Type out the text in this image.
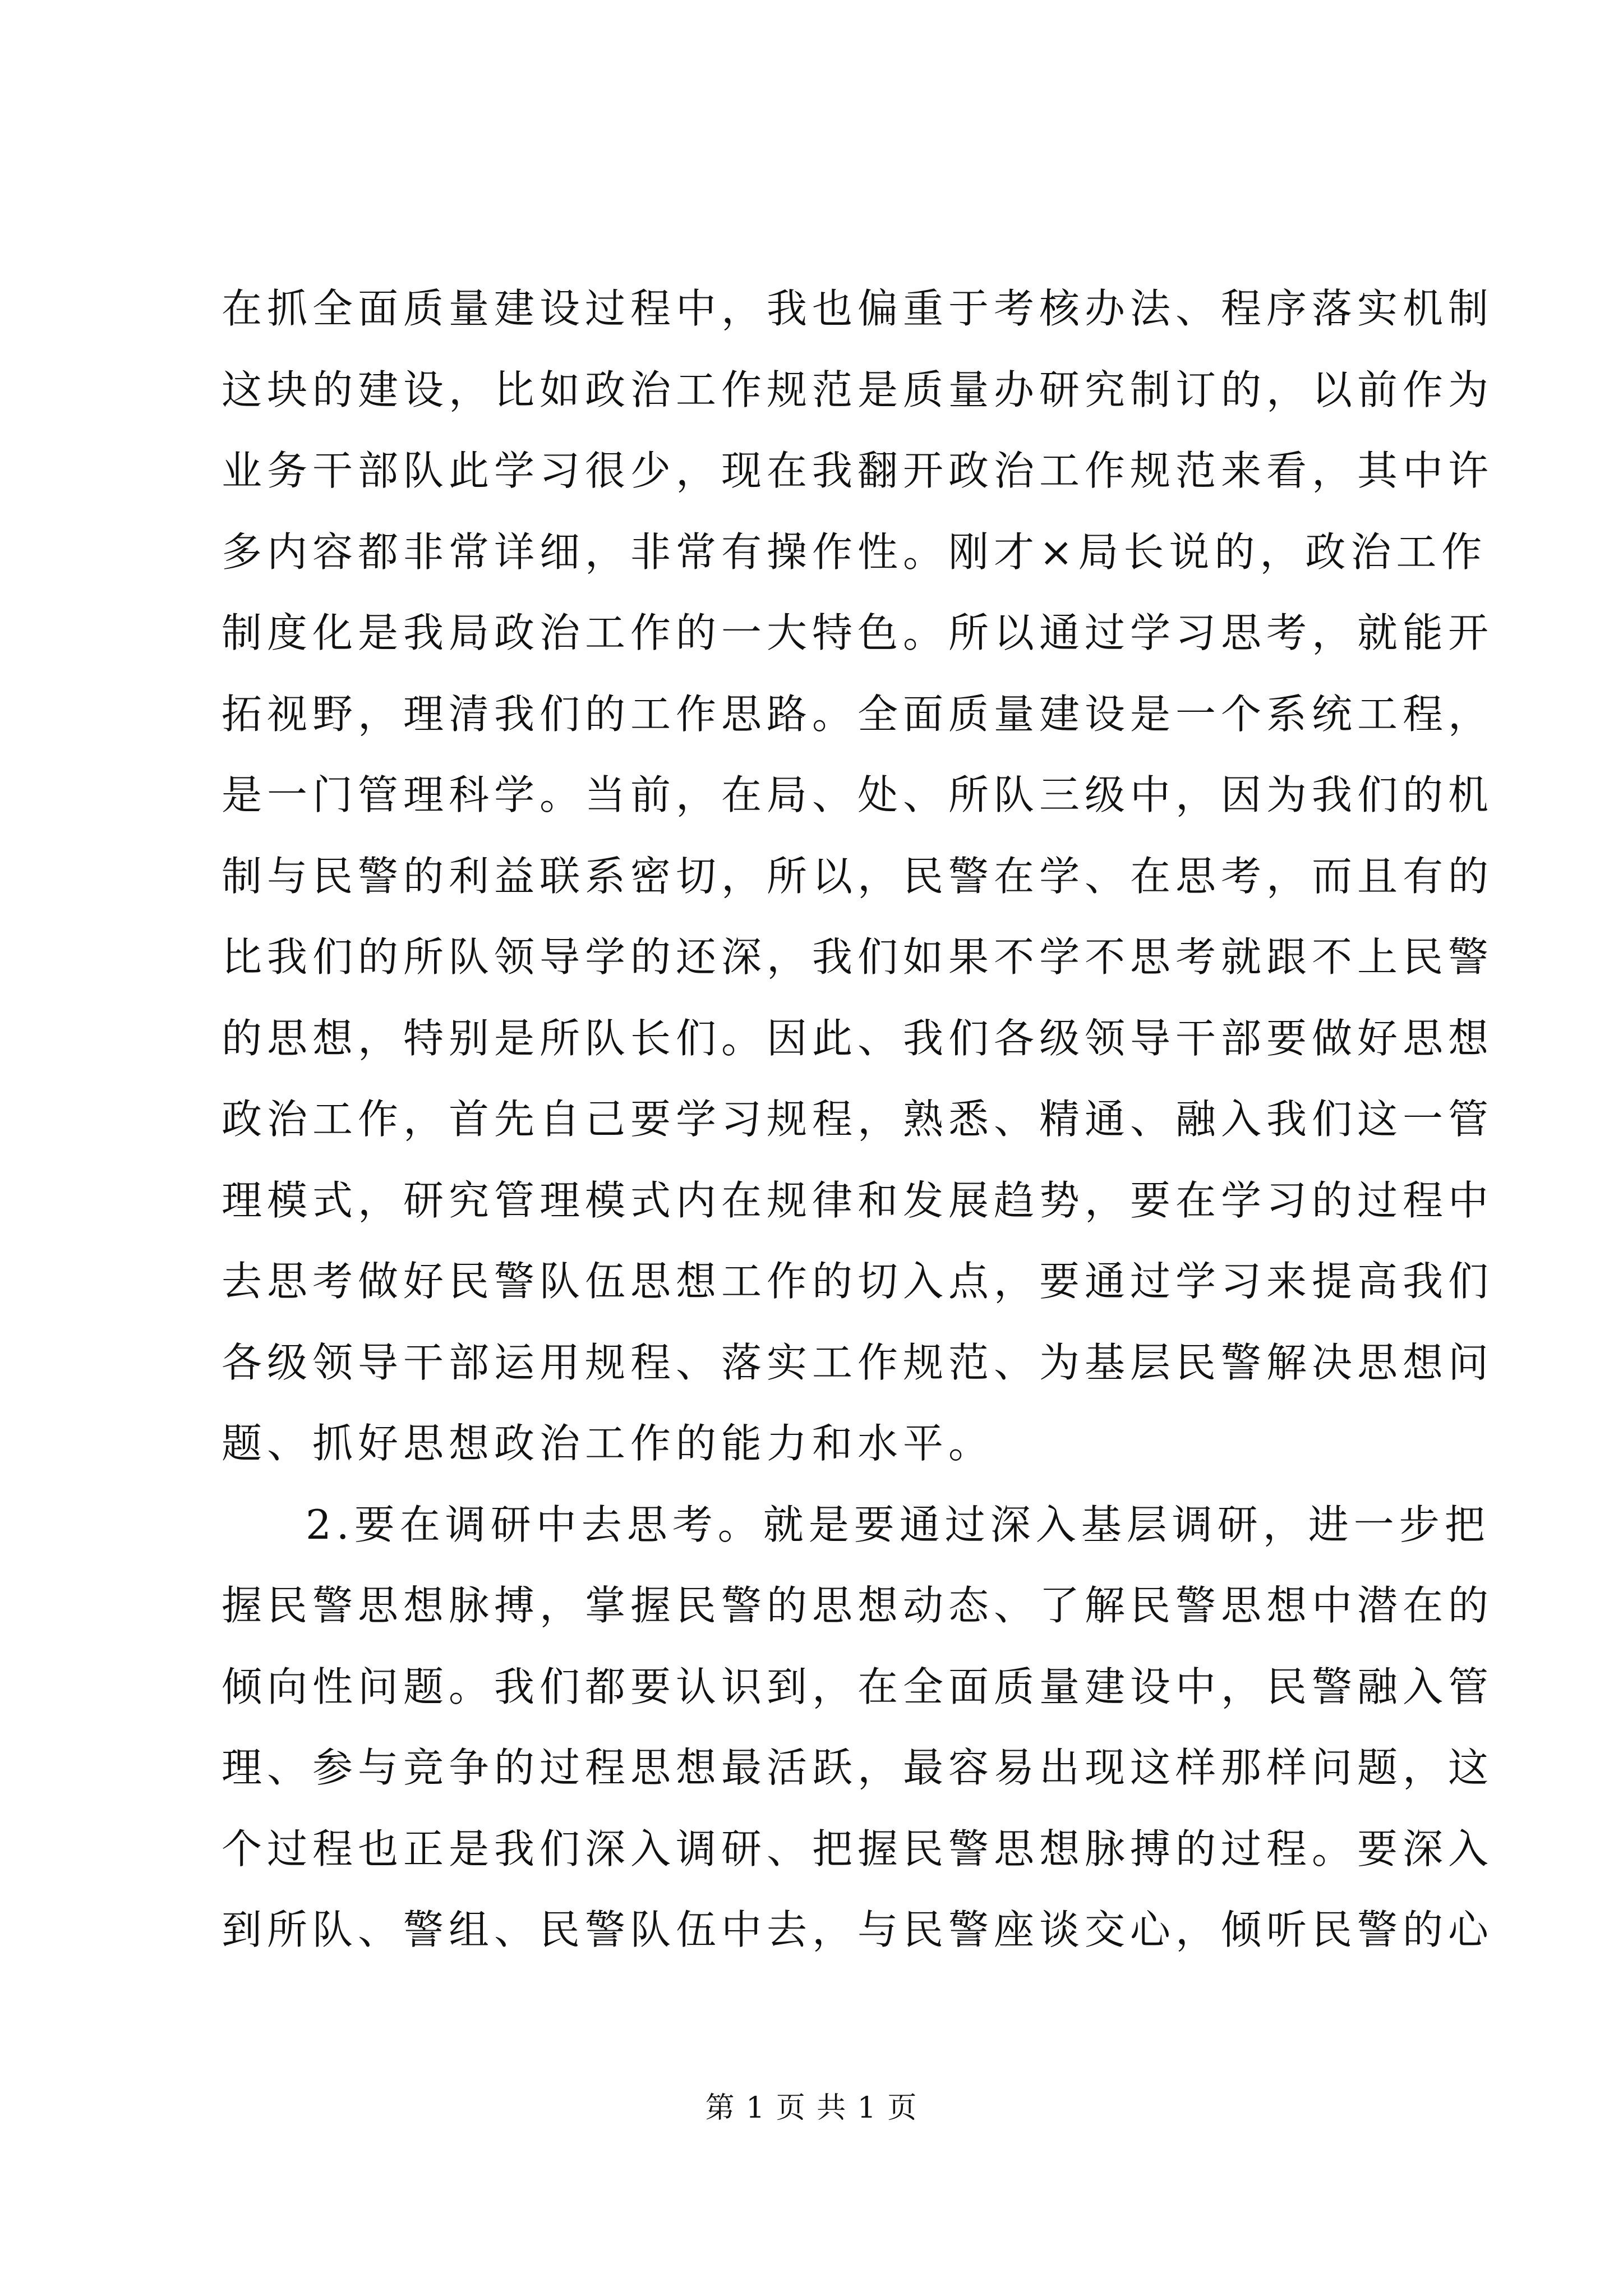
在抓全面质量建设过程中，我也偏重于考核办法、程序落实机制
这块的建设，比如政治工作规范是质量办研究制订的，以前作为
业务干部队此学习很少，现在我翻开政治工作规范来看，其中许
多内容都非常详细，非常有操作性。刚才×局长说的，政治工作
制度化是我局政治工作的一大特色。所以通过学习思考，就能开
拓视野，理清我们的工作思路。全面质量建设是一个系统工程，
是一门管理科学。当前，在局、处、所队三级中，因为我们的机
制与民警的利益联系密切，所以，民警在学、在思考，而且有的
比我们的所队领导学的还深，我们如果不学不思考就跟不上民警
的思想，特别是所队长们。因此、我们各级领导干部要做好思想
政治工作，首先自己要学习规程，熟悉、精通、融入我们这一管
理模式，研究管理模式内在规律和发展趋势，要在学习的过程中
去思考做好民警队伍思想工作的切入点，要通过学习来提高我们
各级领导干部运用规程、落实工作规范、为基层民警解决思想问
题、抓好思想政治工作的能力和水平。
2.要在调研中去思考。就是要通过深入基层调研，进一步把
握民警思想脉搏，掌握民警的思想动态、了解民警思想中潜在的
倾向性问题。我们都要认识到，在全面质量建设中，民警融入管
理、参与竞争的过程思想最活跃，最容易出现这样那样问题，这
个过程也正是我们深入调研、把握民警思想脉搏的过程。要深入
到所队、警组、民警队伍中去，与民警座谈交心，倾听民警的心
第 1 页 共 1 页
